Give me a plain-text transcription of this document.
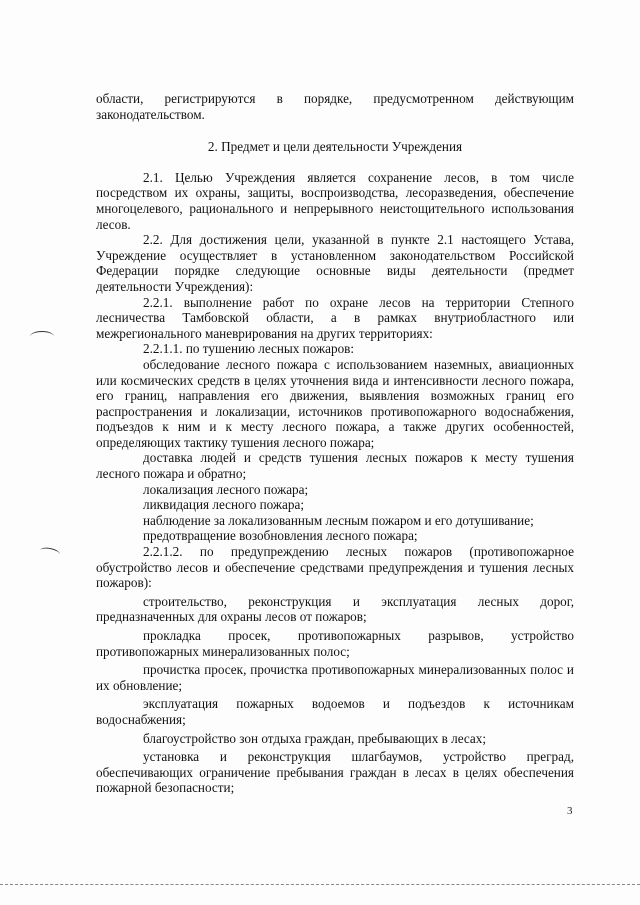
области, регистрируются в порядке, предусмотренном действующим законодательством.

2. Предмет и цели деятельности Учреждения

2.1. Целью Учреждения является сохранение лесов, в том числе посредством их охраны, защиты, воспроизводства, лесоразведения, обеспечение многоцелевого, рационального и непрерывного неистощительного использования лесов.

2.2. Для достижения цели, указанной в пункте 2.1 настоящего Устава, Учреждение осуществляет в установленном законодательством Российской Федерации порядке следующие основные виды деятельности (предмет деятельности Учреждения):

2.2.1. выполнение работ по охране лесов на территории Степного лесничества Тамбовской области, а в рамках внутриобластного или межрегионального маневрирования на других территориях:

2.2.1.1. по тушению лесных пожаров:

обследование лесного пожара с использованием наземных, авиационных или космических средств в целях уточнения вида и интенсивности лесного пожара, его границ, направления его движения, выявления возможных границ его распространения и локализации, источников противопожарного водоснабжения, подъездов к ним и к месту лесного пожара, а также других особенностей, определяющих тактику тушения лесного пожара;

доставка людей и средств тушения лесных пожаров к месту тушения лесного пожара и обратно;

локализация лесного пожара;

ликвидация лесного пожара;

наблюдение за локализованным лесным пожаром и его дотушивание;

предотвращение возобновления лесного пожара;

2.2.1.2. по предупреждению лесных пожаров (противопожарное обустройство лесов и обеспечение средствами предупреждения и тушения лесных пожаров):

строительство, реконструкция и эксплуатация лесных дорог, предназначенных для охраны лесов от пожаров;

прокладка просек, противопожарных разрывов, устройство противопожарных минерализованных полос;

прочистка просек, прочистка противопожарных минерализованных полос и их обновление;

эксплуатация пожарных водоемов и подъездов к источникам водоснабжения;

благоустройство зон отдыха граждан, пребывающих в лесах;

установка и реконструкция шлагбаумов, устройство преград, обеспечивающих ограничение пребывания граждан в лесах в целях обеспечения пожарной безопасности;

3
